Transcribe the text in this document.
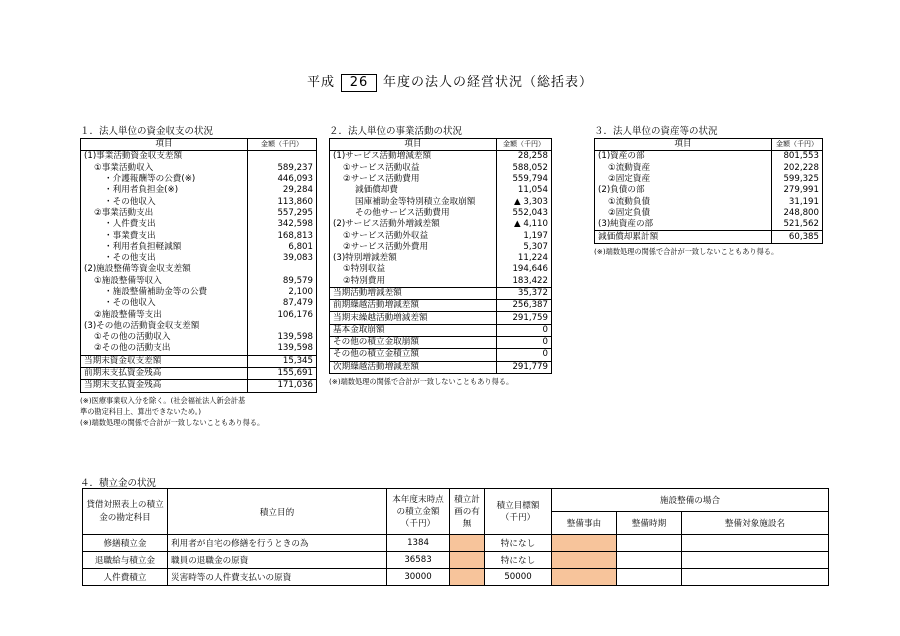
平成 26 年度の法人の経営状況（総括表）
１．法人単位の資金収支の状況
項目	金額（千円）
(1)事業活動資金収支差額	
①事業活動収入	589,237
・介護報酬等の公費(※)	446,093
・利用者負担金(※)	29,284
・その他収入	113,860
②事業活動支出	557,295
・人件費支出	342,598
・事業費支出	168,813
・利用者負担軽減額	6,801
・その他支出	39,083
(2)施設整備等資金収支差額	
①施設整備等収入	89,579
・施設整備補助金等の公費	2,100
・その他収入	87,479
②施設整備等支出	106,176
(3)その他の活動資金収支差額	
①その他の活動収入	139,598
②その他の活動支出	139,598
当期末資金収支差額	15,345
前期末支払資金残高	155,691
当期末支払資金残高	171,036
(※)医療事業収入分を除く。(社会福祉法人新会計基
準の勘定科目上、算出できないため。)
(※)端数処理の関係で合計が一致しないこともあり得る。
２．法人単位の事業活動の状況
項目	金額（千円）
(1)サービス活動増減差額	28,258
①サービス活動収益	588,052
②サービス活動費用	559,794
減価償却費	11,054
国庫補助金等特別積立金取崩額	▲ 3,303
その他サービス活動費用	552,043
(2)サービス活動外増減差額	▲ 4,110
①サービス活動外収益	1,197
②サービス活動外費用	5,307
(3)特別増減差額	11,224
①特別収益	194,646
②特別費用	183,422
当期活動増減差額	35,372
前期繰越活動増減差額	256,387
当期末繰越活動増減差額	291,759
基本金取崩額	0
その他の積立金取崩額	0
その他の積立金積立額	0
次期繰越活動増減差額	291,779
(※)端数処理の関係で合計が一致しないこともあり得る。
３．法人単位の資産等の状況
項目	金額（千円）
(1)資産の部	801,553
①流動資産	202,228
②固定資産	599,325
(2)負債の部	279,991
①流動負債	31,191
②固定負債	248,800
(3)純資産の部	521,562
減価償却累計額	60,385
(※)端数処理の関係で合計が一致しないこともあり得る。
４．積立金の状況
貸借対照表上の積立金の勘定科目	積立目的	本年度末時点の積立金額（千円）	積立計画の有無	積立目標額（千円）	施設整備の場合		
					整備事由	整備時期	整備対象施設名
修繕積立金	利用者が自宅の修繕を行うときの為	1384		特になし			
退職給与積立金	職員の退職金の原資	36583		特になし			
人件費積立	災害時等の人件費支払いの原資	30000		50000			
